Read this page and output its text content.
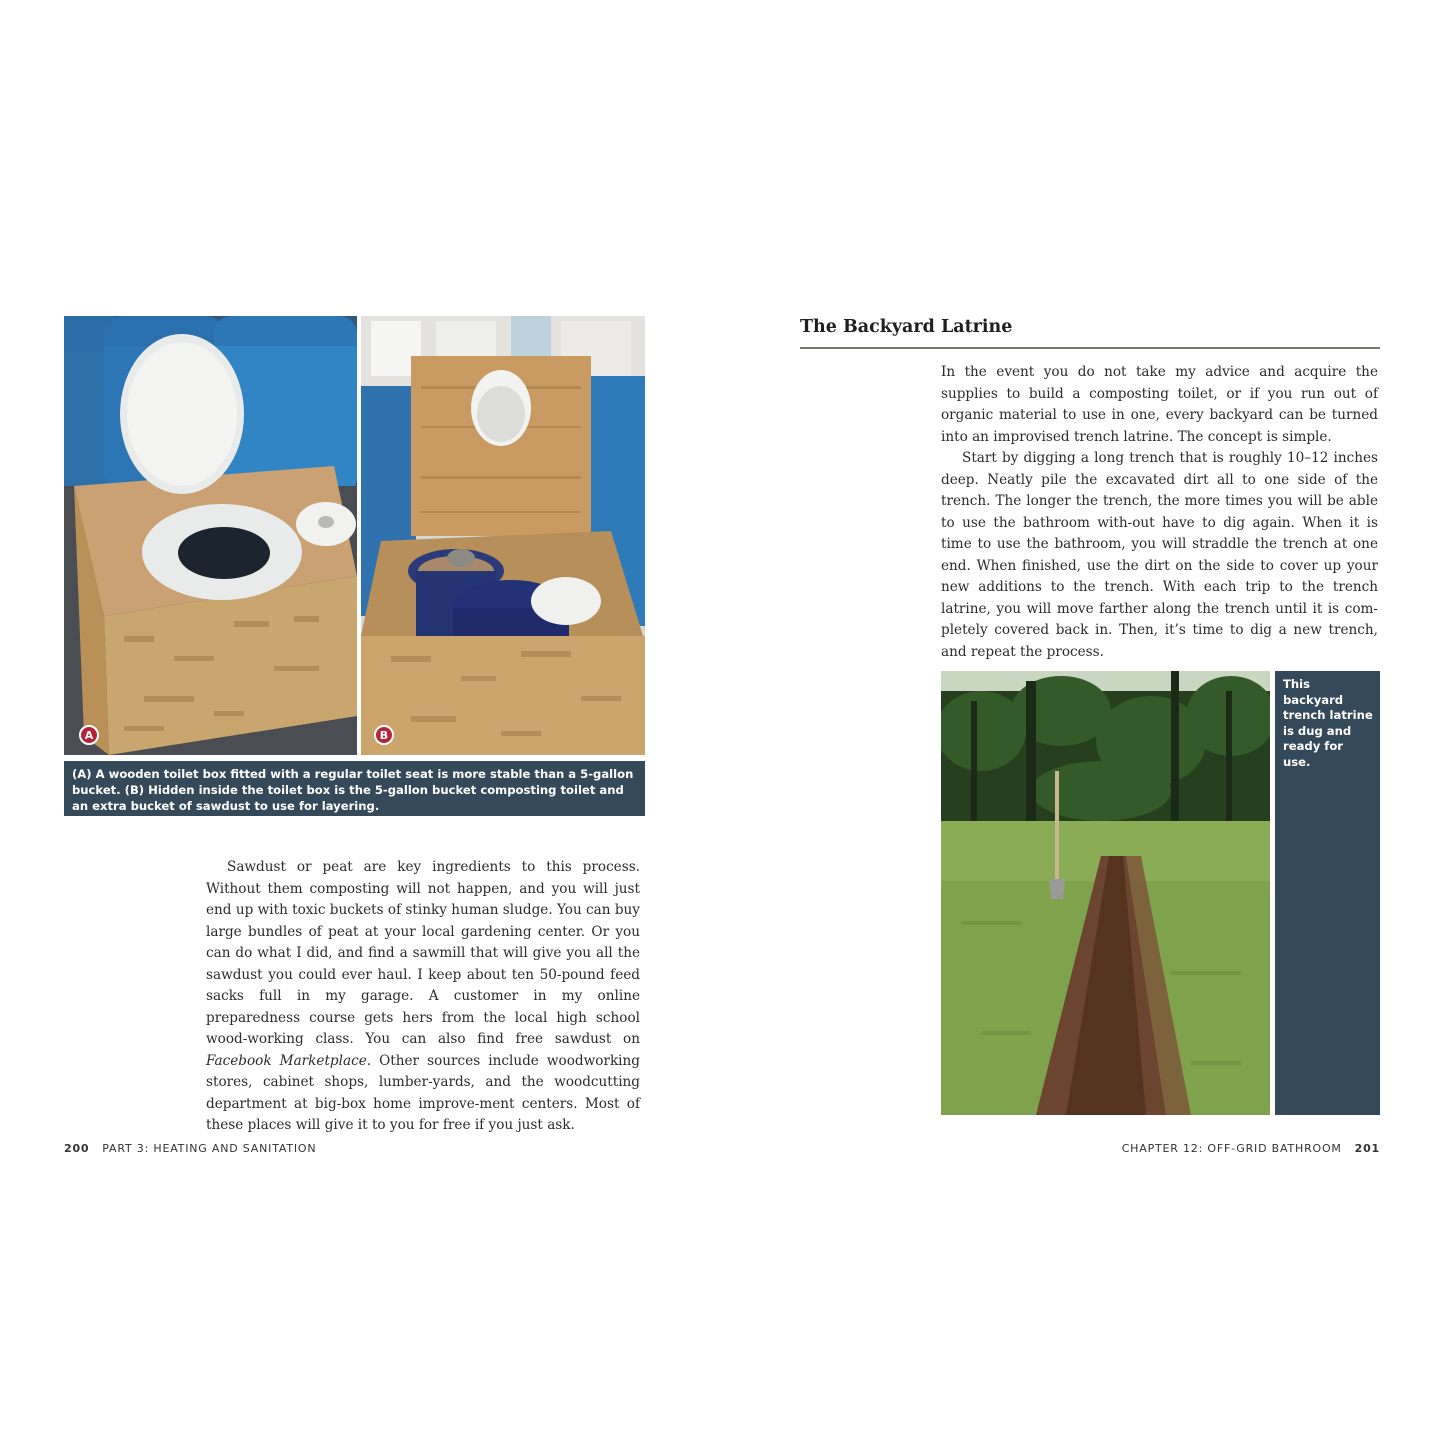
A	B
(A) A wooden toilet box fitted with a regular toilet seat is more stable than a 5-gallon bucket. (B) Hidden inside the toilet box is the 5-gallon bucket composting toilet and an extra bucket of sawdust to use for layering.

Sawdust or peat are key ingredients to this process. Without them composting will not happen, and you will just end up with toxic buckets of stinky human sludge. You can buy large bundles of peat at your local gardening center. Or you can do what I did, and find a sawmill that will give you all the sawdust you could ever haul. I keep about ten 50-pound feed sacks full in my garage. A customer in my online preparedness course gets hers from the local high school wood-working class. You can also find free sawdust on Facebook Marketplace. Other sources include woodworking stores, cabinet shops, lumber-yards, and the woodcutting department at big-box home improve-ment centers. Most of these places will give it to you for free if you just ask.

200 PART 3: HEATING AND SANITATION
The Backyard Latrine

In the event you do not take my advice and acquire the supplies to build a composting toilet, or if you run out of organic material to use in one, every backyard can be turned into an improvised trench latrine. The concept is simple.

Start by digging a long trench that is roughly 10–12 inches deep. Neatly pile the excavated dirt all to one side of the trench. The longer the trench, the more times you will be able to use the bathroom with-out have to dig again. When it is time to use the bathroom, you will straddle the trench at one end. When finished, use the dirt on the side to cover up your new additions to the trench. With each trip to the trench latrine, you will move farther along the trench until it is com-pletely covered back in. Then, it’s time to dig a new trench, and repeat the process.

This backyard trench latrine is dug and ready for use.
CHAPTER 12: OFF-GRID BATHROOM 201
